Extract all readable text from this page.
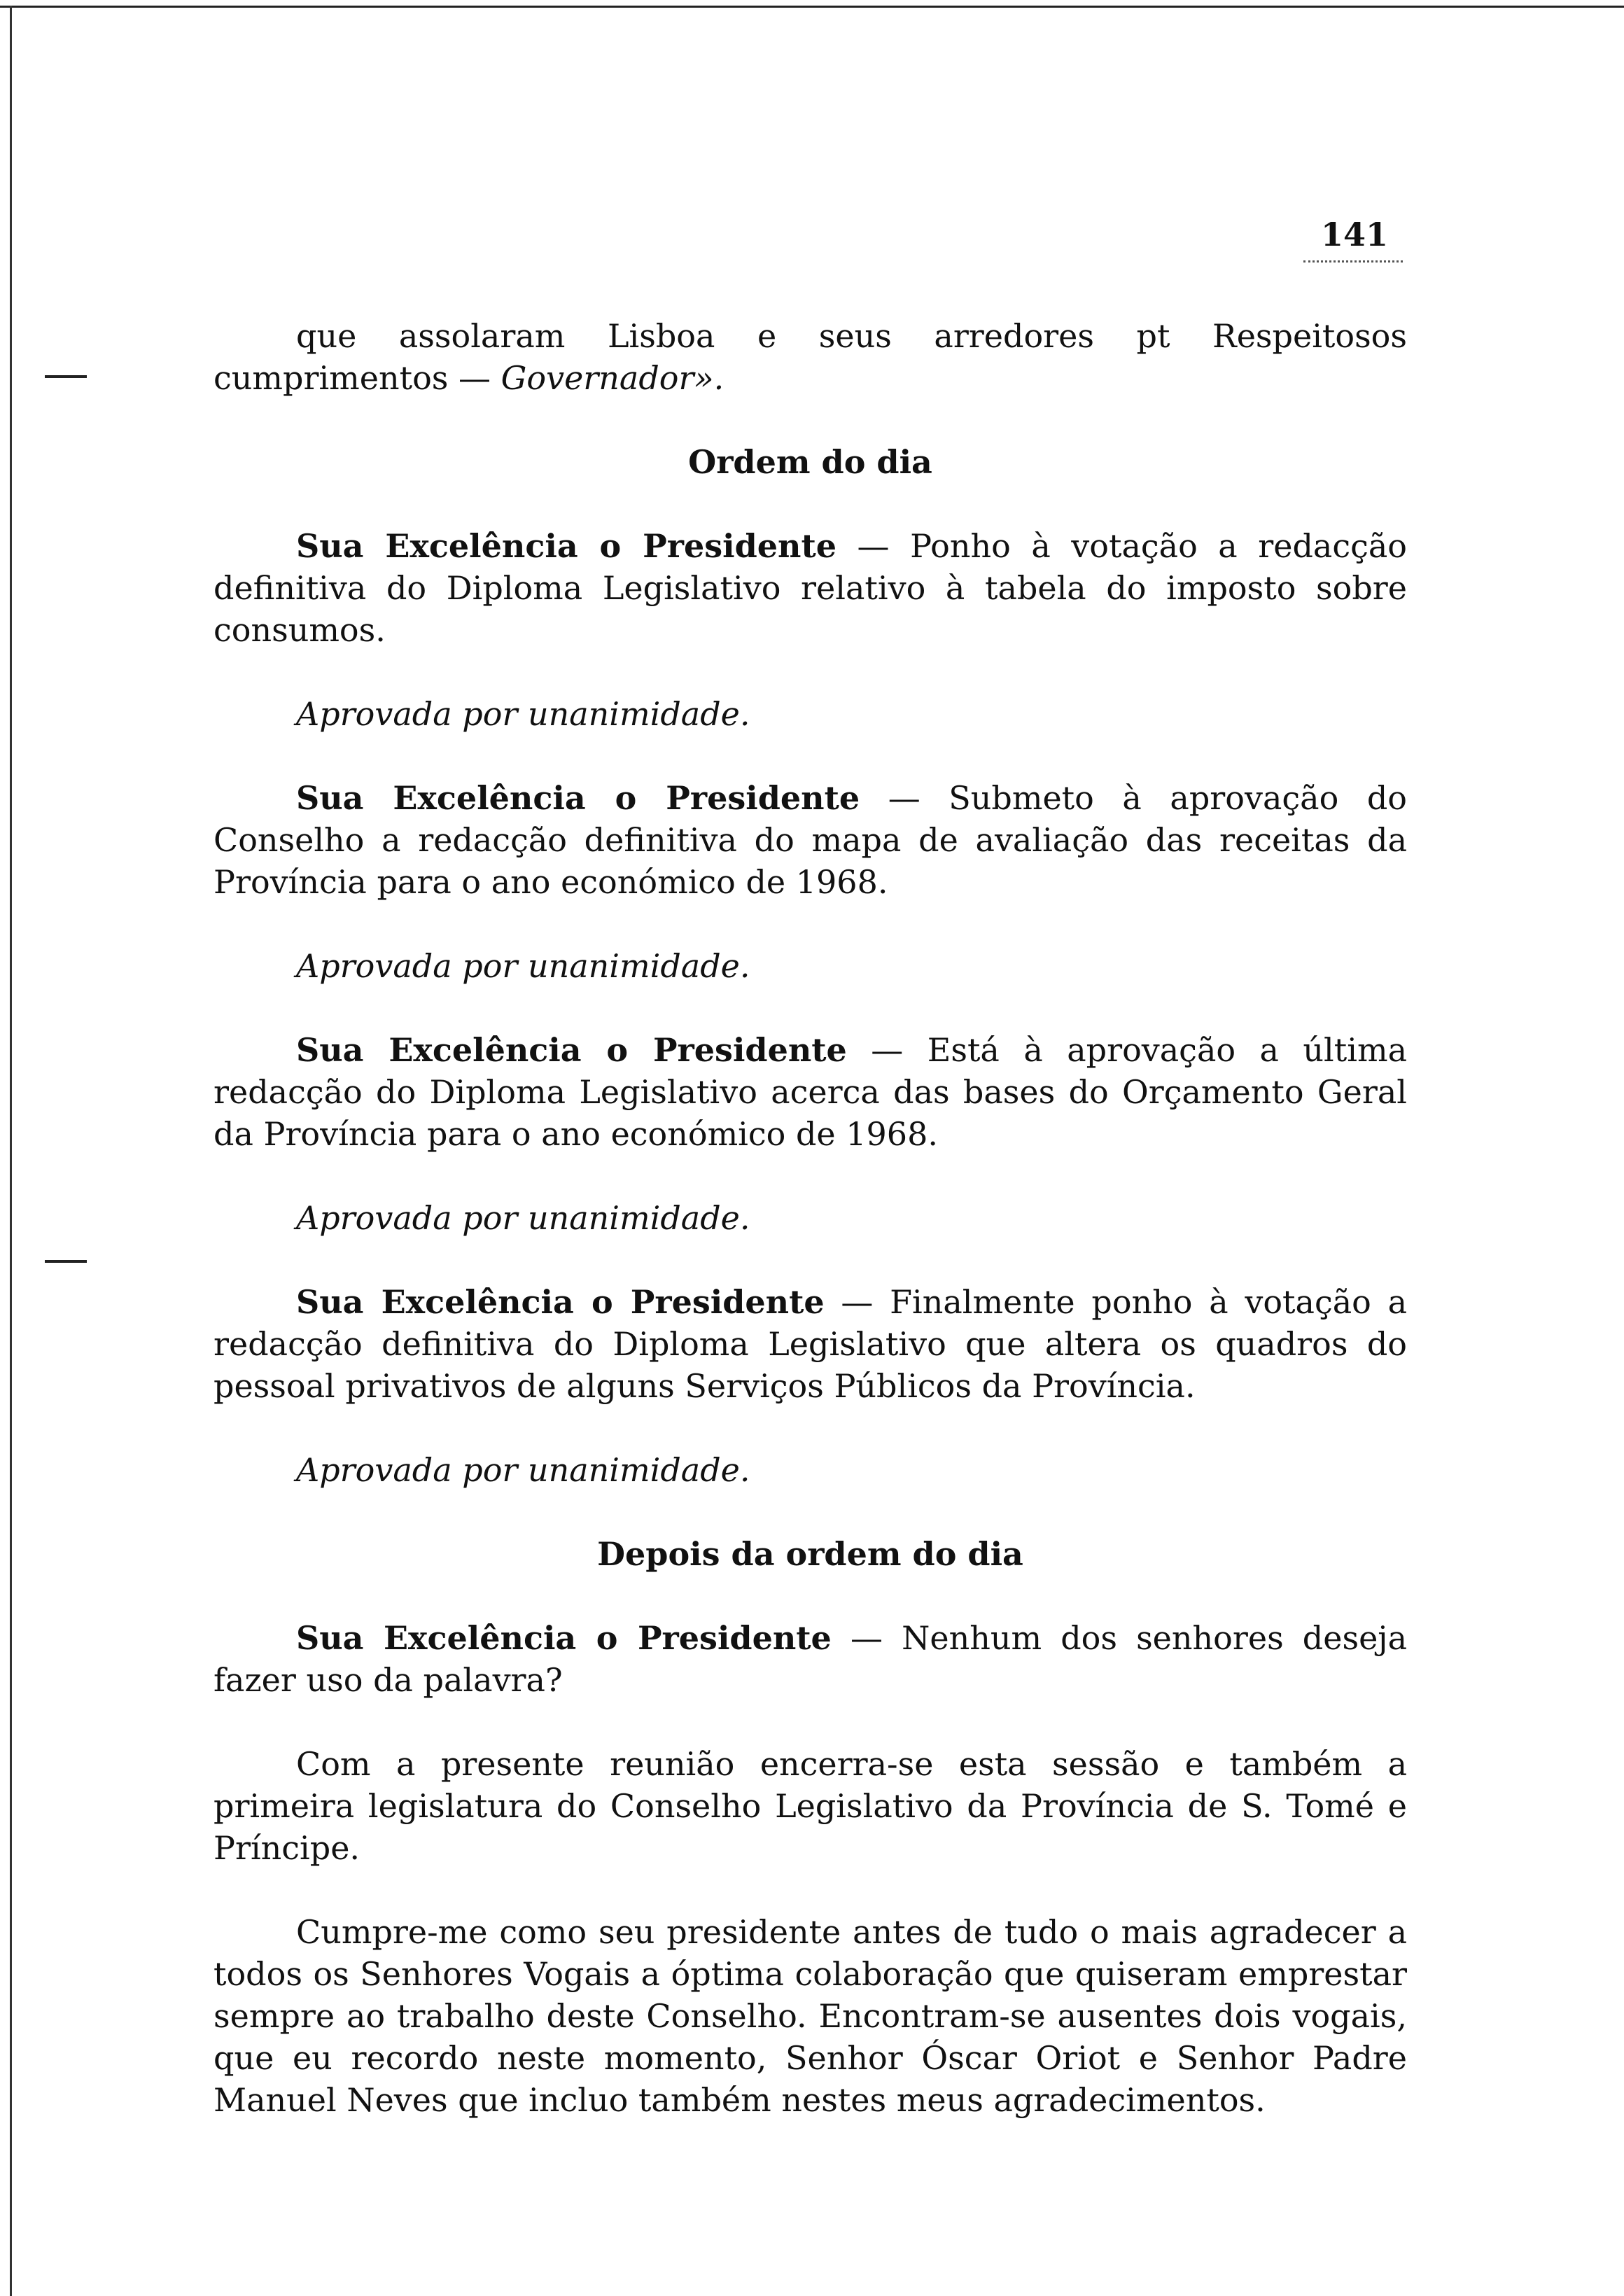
141

que assolaram Lisboa e seus arredores pt Respeitosos cumprimentos — Governador».

Ordem do dia

Sua Excelência o Presidente — Ponho à votação a redacção definitiva do Diploma Legislativo relativo à tabela do imposto sobre consumos.

Aprovada por unanimidade.

Sua Excelência o Presidente — Submeto à aprovação do Conselho a redacção definitiva do mapa de avaliação das receitas da Província para o ano económico de 1968.

Aprovada por unanimidade.

Sua Excelência o Presidente — Está à aprovação a última redacção do Diploma Legislativo acerca das bases do Orçamento Geral da Província para o ano económico de 1968.

Aprovada por unanimidade.

Sua Excelência o Presidente — Finalmente ponho à votação a redacção definitiva do Diploma Legislativo que altera os quadros do pessoal privativos de alguns Serviços Públicos da Província.

Aprovada por unanimidade.
Depois da ordem do dia

Sua Excelência o Presidente — Nenhum dos senhores deseja fazer uso da palavra?

Com a presente reunião encerra-se esta sessão e também a primeira legislatura do Conselho Legislativo da Província de S. Tomé e Príncipe.

Cumpre-me como seu presidente antes de tudo o mais agradecer a todos os Senhores Vogais a óptima colaboração que quiseram emprestar sempre ao trabalho deste Conselho. Encontram-se ausentes dois vogais, que eu recordo neste momento, Senhor Óscar Oriot e Senhor Padre Manuel Neves que incluo também nestes meus agradecimentos.
